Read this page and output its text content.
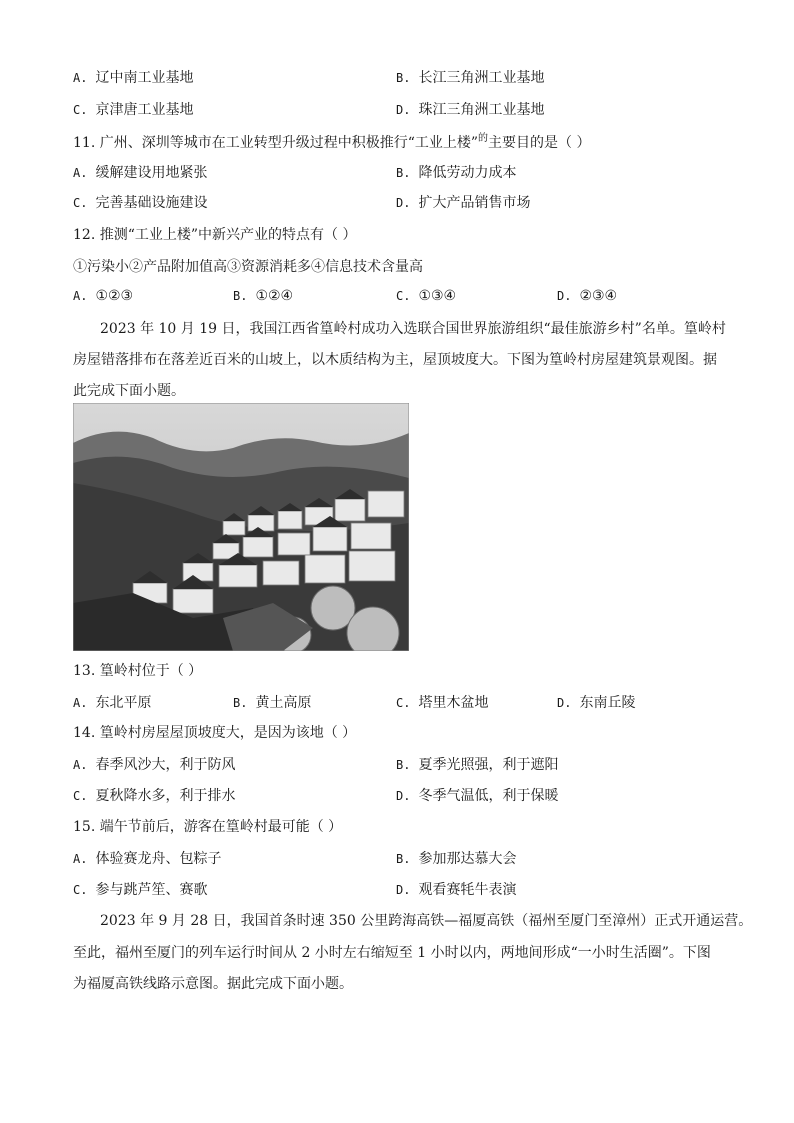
A. 辽中南工业基地	B. 长江三角洲工业基地
C. 京津唐工业基地	D. 珠江三角洲工业基地
11. 广州、深圳等城市在工业转型升级过程中积极推行“工业上楼”$^的$主要目的是（ ）
A. 缓解建设用地紧张	B. 降低劳动力成本
C. 完善基础设施建设	D. 扩大产品销售市场
12. 推测“工业上楼”中新兴产业的特点有（ ）
①污染小②产品附加值高③资源消耗多④信息技术含量高
A. ①②③	B. ①②④	C. ①③④	D. ②③④
2023 年 10 月 19 日，我国江西省篁岭村成功入选联合国世界旅游组织“最佳旅游乡村”名单。篁岭村
房屋错落排布在落差近百米的山坡上，以木质结构为主，屋顶坡度大。下图为篁岭村房屋建筑景观图。据
此完成下面小题。
13. 篁岭村位于（ ）
A. 东北平原	B. 黄土高原	C. 塔里木盆地	D. 东南丘陵
14. 篁岭村房屋屋顶坡度大，是因为该地（ ）
A. 春季风沙大，利于防风	B. 夏季光照强，利于遮阳
C. 夏秋降水多，利于排水	D. 冬季气温低，利于保暖
15. 端午节前后，游客在篁岭村最可能（ ）
A. 体验赛龙舟、包粽子	B. 参加那达慕大会
C. 参与跳芦笙、赛歌	D. 观看赛牦牛表演
2023 年 9 月 28 日，我国首条时速 350 公里跨海高铁—福厦高铁（福州至厦门至漳州）正式开通运营。
至此，福州至厦门的列车运行时间从 2 小时左右缩短至 1 小时以内，两地间形成“一小时生活圈”。下图
为福厦高铁线路示意图。据此完成下面小题。
